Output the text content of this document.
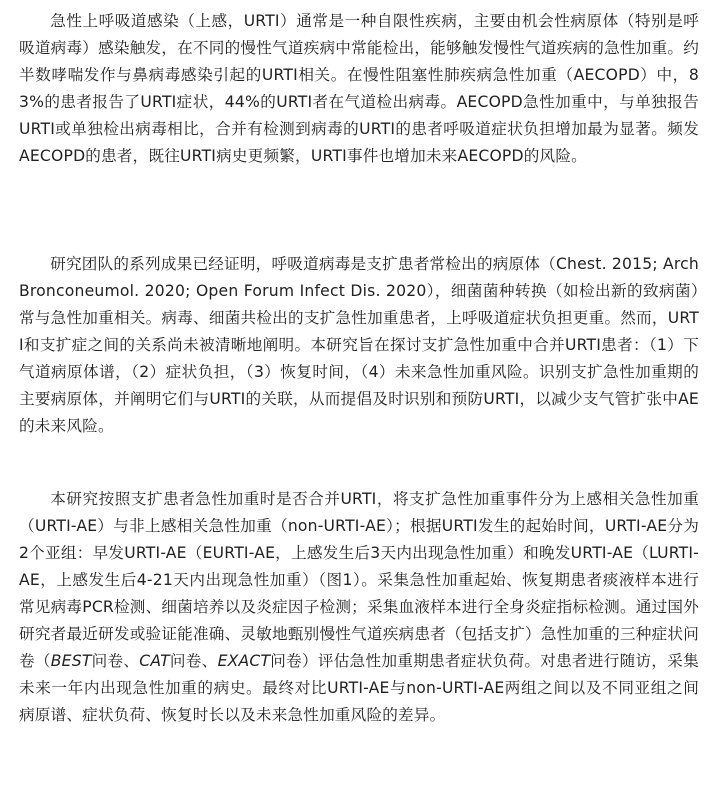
急性上呼吸道感染（上感，URTI）通常是一种自限性疾病，主要由机会性病原体（特别是呼吸道病毒）感染触发，在不同的慢性气道疾病中常能检出，能够触发慢性气道疾病的急性加重。约半数哮喘发作与鼻病毒感染引起的URTI相关。在慢性阻塞性肺疾病急性加重（AECOPD）中，83%的患者报告了URTI症状，44%的URTI者在气道检出病毒。AECOPD急性加重中，与单独报告URTI或单独检出病毒相比，合并有检测到病毒的URTI的患者呼吸道症状负担增加最为显著。频发AECOPD的患者，既往URTI病史更频繁，URTI事件也增加未来AECOPD的风险。

研究团队的系列成果已经证明，呼吸道病毒是支扩患者常检出的病原体（Chest. 2015; Arch Bronconeumol. 2020; Open Forum Infect Dis. 2020），细菌菌种转换（如检出新的致病菌）常与急性加重相关。病毒、细菌共检出的支扩急性加重患者，上呼吸道症状负担更重。然而，URTI和支扩症之间的关系尚未被清晰地阐明。本研究旨在探讨支扩急性加重中合并URTI患者：（1）下气道病原体谱，（2）症状负担，（3）恢复时间，（4）未来急性加重风险。识别支扩急性加重期的主要病原体，并阐明它们与URTI的关联，从而提倡及时识别和预防URTI，以减少支气管扩张中AE的未来风险。

本研究按照支扩患者急性加重时是否合并URTI，将支扩急性加重事件分为上感相关急性加重（URTI-AE）与非上感相关急性加重（non-URTI-AE）；根据URTI发生的起始时间，URTI-AE分为2个亚组：早发URTI-AE（EURTI-AE，上感发生后3天内出现急性加重）和晚发URTI-AE（LURTI-AE，上感发生后4-21天内出现急性加重）（图1）。采集急性加重起始、恢复期患者痰液样本进行常见病毒PCR检测、细菌培养以及炎症因子检测；采集血液样本进行全身炎症指标检测。通过国外研究者最近研发或验证能准确、灵敏地甄别慢性气道疾病患者（包括支扩）急性加重的三种症状问卷（BEST问卷、CAT问卷、EXACT问卷）评估急性加重期患者症状负荷。对患者进行随访，采集未来一年内出现急性加重的病史。最终对比URTI-AE与non-URTI-AE两组之间以及不同亚组之间病原谱、症状负荷、恢复时长以及未来急性加重风险的差异。
